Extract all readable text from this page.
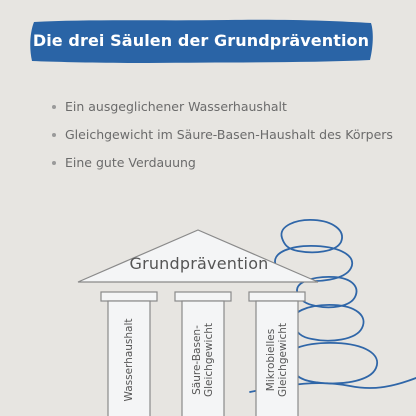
Die drei Säulen der Grundprävention
Ein ausgeglichener Wasserhaushalt
Gleichgewicht im Säure-Basen-Haushalt des Körpers
Eine gute Verdauung
Grundprävention
Wasserhaushalt	Säure-Basen- Gleichgewicht	Mikrobielles Gleichgewicht
